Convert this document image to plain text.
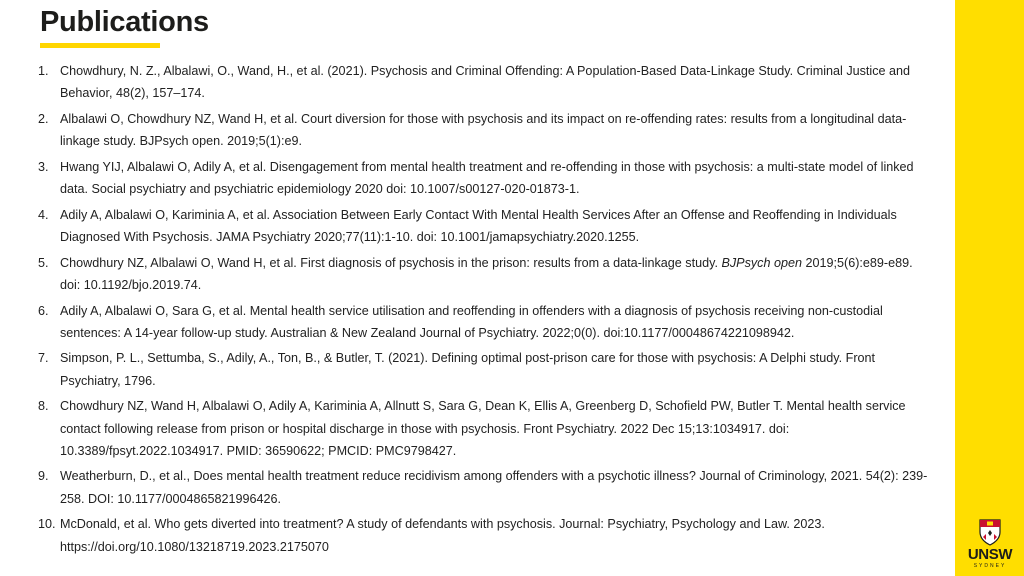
Publications
1. Chowdhury, N. Z., Albalawi, O., Wand, H., et al. (2021). Psychosis and Criminal Offending: A Population-Based Data-Linkage Study. Criminal Justice and Behavior, 48(2), 157–174.
2. Albalawi O, Chowdhury NZ, Wand H, et al. Court diversion for those with psychosis and its impact on re-offending rates: results from a longitudinal data-linkage study. BJPsych open. 2019;5(1):e9.
3. Hwang YIJ, Albalawi O, Adily A, et al. Disengagement from mental health treatment and re-offending in those with psychosis: a multi-state model of linked data. Social psychiatry and psychiatric epidemiology 2020 doi: 10.1007/s00127-020-01873-1.
4. Adily A, Albalawi O, Kariminia A, et al. Association Between Early Contact With Mental Health Services After an Offense and Reoffending in Individuals Diagnosed With Psychosis. JAMA Psychiatry 2020;77(11):1-10. doi: 10.1001/jamapsychiatry.2020.1255.
5. Chowdhury NZ, Albalawi O, Wand H, et al. First diagnosis of psychosis in the prison: results from a data-linkage study. BJPsych open 2019;5(6):e89-e89. doi: 10.1192/bjo.2019.74.
6. Adily A, Albalawi O, Sara G, et al. Mental health service utilisation and reoffending in offenders with a diagnosis of psychosis receiving non-custodial sentences: A 14-year follow-up study. Australian & New Zealand Journal of Psychiatry. 2022;0(0). doi:10.1177/00048674221098942.
7. Simpson, P. L., Settumba, S., Adily, A., Ton, B., & Butler, T. (2021). Defining optimal post-prison care for those with psychosis: A Delphi study. Front Psychiatry, 1796.
8. Chowdhury NZ, Wand H, Albalawi O, Adily A, Kariminia A, Allnutt S, Sara G, Dean K, Ellis A, Greenberg D, Schofield PW, Butler T. Mental health service contact following release from prison or hospital discharge in those with psychosis. Front Psychiatry. 2022 Dec 15;13:1034917. doi: 10.3389/fpsyt.2022.1034917. PMID: 36590622; PMCID: PMC9798427.
9. Weatherburn, D., et al., Does mental health treatment reduce recidivism among offenders with a psychotic illness? Journal of Criminology, 2021. 54(2): 239-258. DOI: 10.1177/0004865821996426.
10. McDonald, et al. Who gets diverted into treatment? A study of defendants with psychosis. Journal: Psychiatry, Psychology and Law. 2023. https://doi.org/10.1080/13218719.2023.2175070	UNSW
SYDNEY
